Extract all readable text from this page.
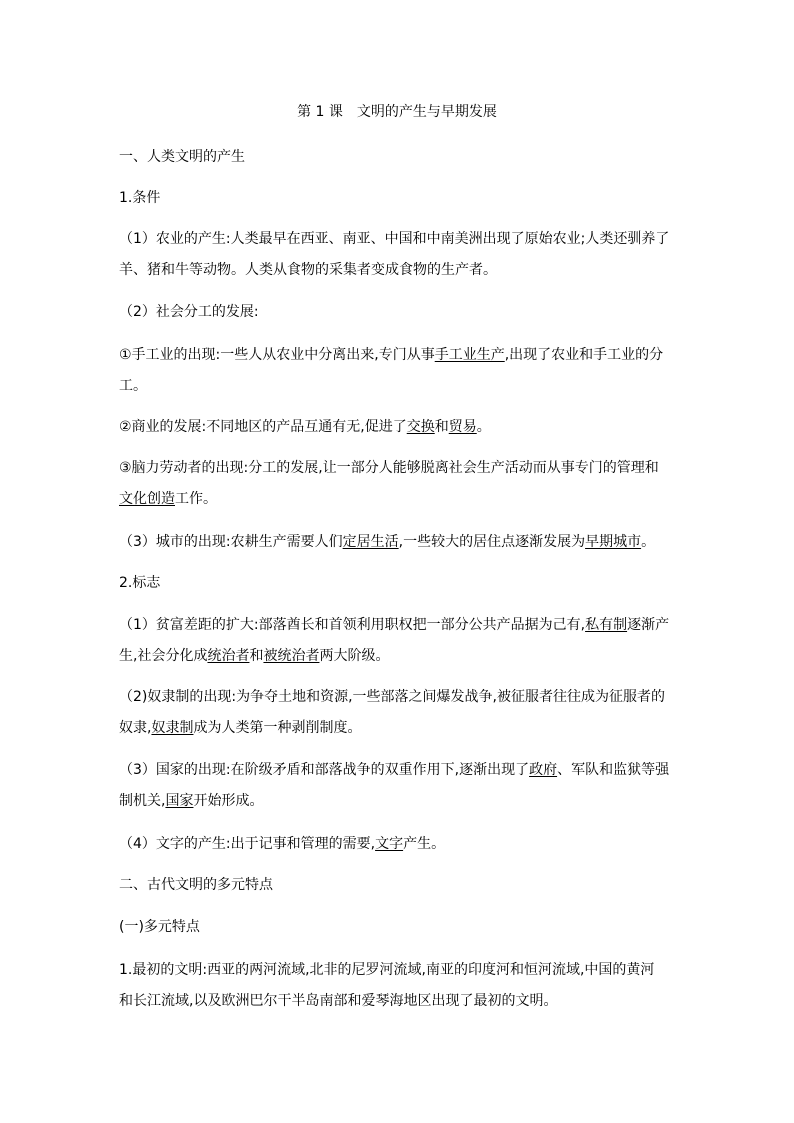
第 1 课　文明的产生与早期发展
一、人类文明的产生
1.条件
（1）农业的产生:人类最早在西亚、南亚、中国和中南美洲出现了原始农业;人类还驯养了
羊、猪和牛等动物。人类从食物的采集者变成食物的生产者。
（2）社会分工的发展:
①手工业的出现:一些人从农业中分离出来,专门从事手工业生产,出现了农业和手工业的分
工。
②商业的发展:不同地区的产品互通有无,促进了交换和贸易。
③脑力劳动者的出现:分工的发展,让一部分人能够脱离社会生产活动而从事专门的管理和
文化创造工作。
（3）城市的出现:农耕生产需要人们定居生活,一些较大的居住点逐渐发展为早期城市。
2.标志
（1）贫富差距的扩大:部落酋长和首领利用职权把一部分公共产品据为己有,私有制逐渐产
生,社会分化成统治者和被统治者两大阶级。
（2)奴隶制的出现:为争夺土地和资源,一些部落之间爆发战争,被征服者往往成为征服者的
奴隶,奴隶制成为人类第一种剥削制度。
（3）国家的出现:在阶级矛盾和部落战争的双重作用下,逐渐出现了政府、军队和监狱等强
制机关,国家开始形成。
（4）文字的产生:出于记事和管理的需要,文字产生。
二、古代文明的多元特点
(一)多元特点
1.最初的文明:西亚的两河流域,北非的尼罗河流域,南亚的印度河和恒河流域,中国的黄河
和长江流域,以及欧洲巴尔干半岛南部和爱琴海地区出现了最初的文明。
